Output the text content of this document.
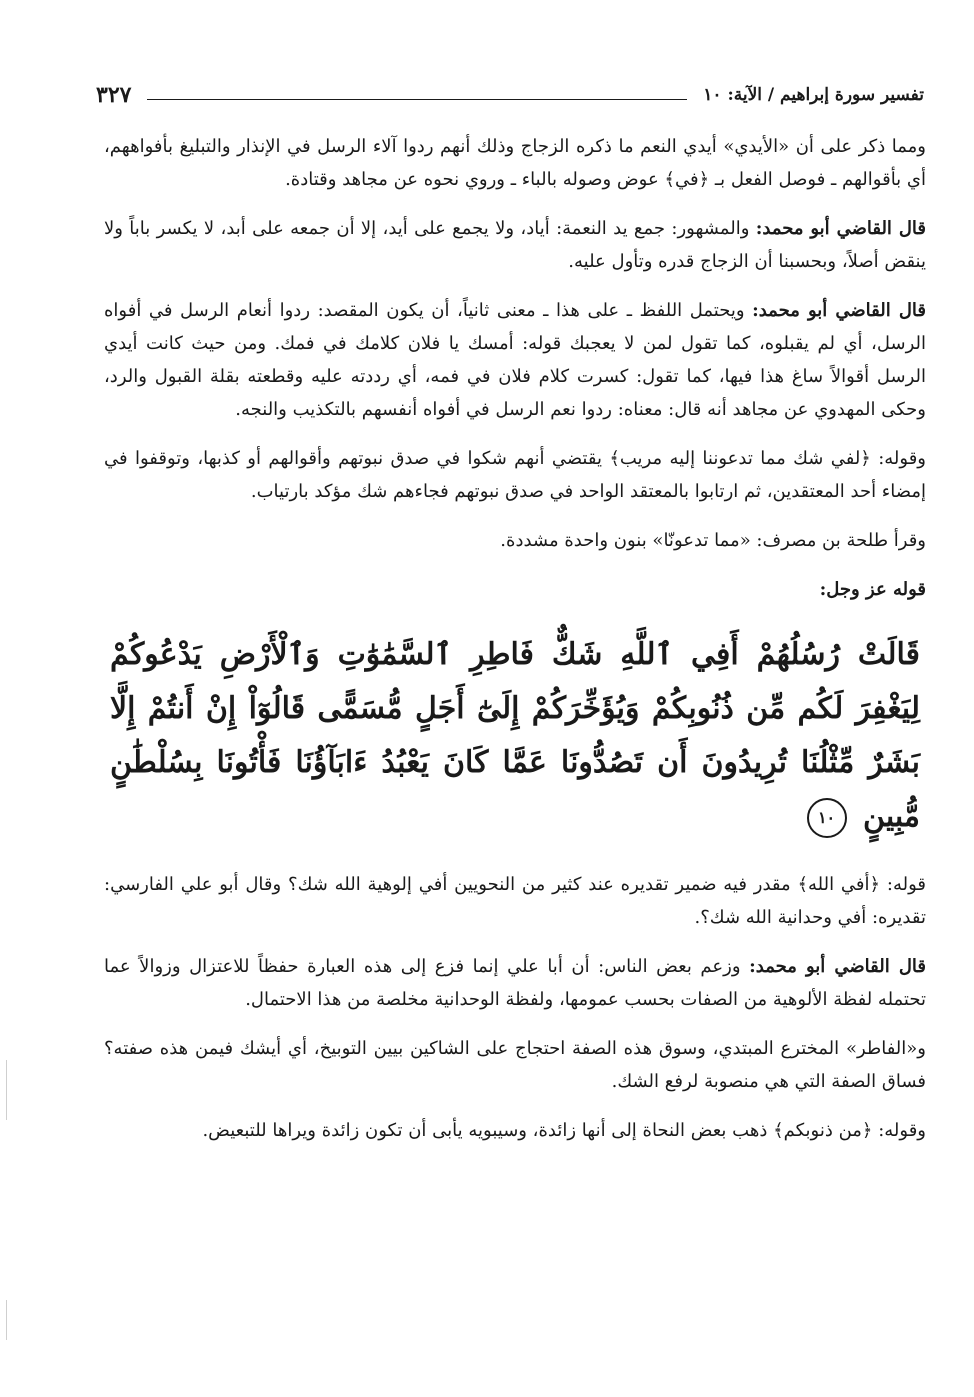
تفسير سورة إبراهيم / الآية: ١٠
٣٢٧

ومما ذكر على أن «الأيدي» أيدي النعم ما ذكره الزجاج وذلك أنهم ردوا آلاء الرسل في الإنذار والتبليغ بأفواههم، أي بأقوالهم ـ فوصل الفعل بـ ﴿في﴾ عوض وصوله بالباء ـ وروي نحوه عن مجاهد وقتادة.

قال القاضي أبو محمد: والمشهور: جمع يد النعمة: أياد، ولا يجمع على أيد، إلا أن جمعه على أبد، لا يكسر باباً ولا ينقض أصلاً، وبحسبنا أن الزجاج قدره وتأول عليه.

قال القاضي أبو محمد: ويحتمل اللفظ ـ على هذا ـ معنى ثانياً، أن يكون المقصد: ردوا أنعام الرسل في أفواه الرسل، أي لم يقبلوه، كما تقول لمن لا يعجبك قوله: أمسك يا فلان كلامك في فمك. ومن حيث كانت أيدي الرسل أقوالاً ساغ هذا فيها، كما تقول: كسرت كلام فلان في فمه، أي رددته عليه وقطعته بقلة القبول والرد، وحكى المهدوي عن مجاهد أنه قال: معناه: ردوا نعم الرسل في أفواه أنفسهم بالتكذيب والنجه.

وقوله: ﴿لفي شك مما تدعوننا إليه مريب﴾ يقتضي أنهم شكوا في صدق نبوتهم وأقوالهم أو كذبها، وتوقفوا في إمضاء أحد المعتقدين، ثم ارتابوا بالمعتقد الواحد في صدق نبوتهم فجاءهم شك مؤكد بارتياب.

وقرأ طلحة بن مصرف: «مما تدعونّا» بنون واحدة مشددة.

قوله عز وجل:

قَالَتْ رُسُلُهُمْ أَفِي ٱللَّهِ شَكٌّ فَاطِرِ ٱلسَّمَٰوَٰتِ وَٱلْأَرْضِ يَدْعُوكُمْ لِيَغْفِرَ لَكُم مِّن ذُنُوبِكُمْ وَيُؤَخِّرَكُمْ إِلَىٰٓ أَجَلٍ مُّسَمًّى قَالُوٓاْ إِنْ أَنتُمْ إِلَّا بَشَرٌ مِّثْلُنَا تُرِيدُونَ أَن تَصُدُّونَا عَمَّا كَانَ يَعْبُدُ ءَابَآؤُنَا فَأْتُونَا بِسُلْطَٰنٍ مُّبِينٍ ١٠

قوله: ﴿أفي الله﴾ مقدر فيه ضمير تقديره عند كثير من النحويين أفي إلوهية الله شك؟ وقال أبو علي الفارسي: تقديره: أفي وحدانية الله شك؟.

قال القاضي أبو محمد: وزعم بعض الناس: أن أبا علي إنما فزع إلى هذه العبارة حفظاً للاعتزال وزوالاً عما تحتمله لفظة الألوهية من الصفات بحسب عمومها، ولفظة الوحدانية مخلصة من هذا الاحتمال.

و«الفاطر» المخترع المبتدي، وسوق هذه الصفة احتجاج على الشاكين بيين التوبيخ، أي أيشك فيمن هذه صفته؟ فساق الصفة التي هي منصوبة لرفع الشك.

وقوله: ﴿من ذنوبكم﴾ ذهب بعض النحاة إلى أنها زائدة، وسيبويه يأبى أن تكون زائدة ويراها للتبعيض.
